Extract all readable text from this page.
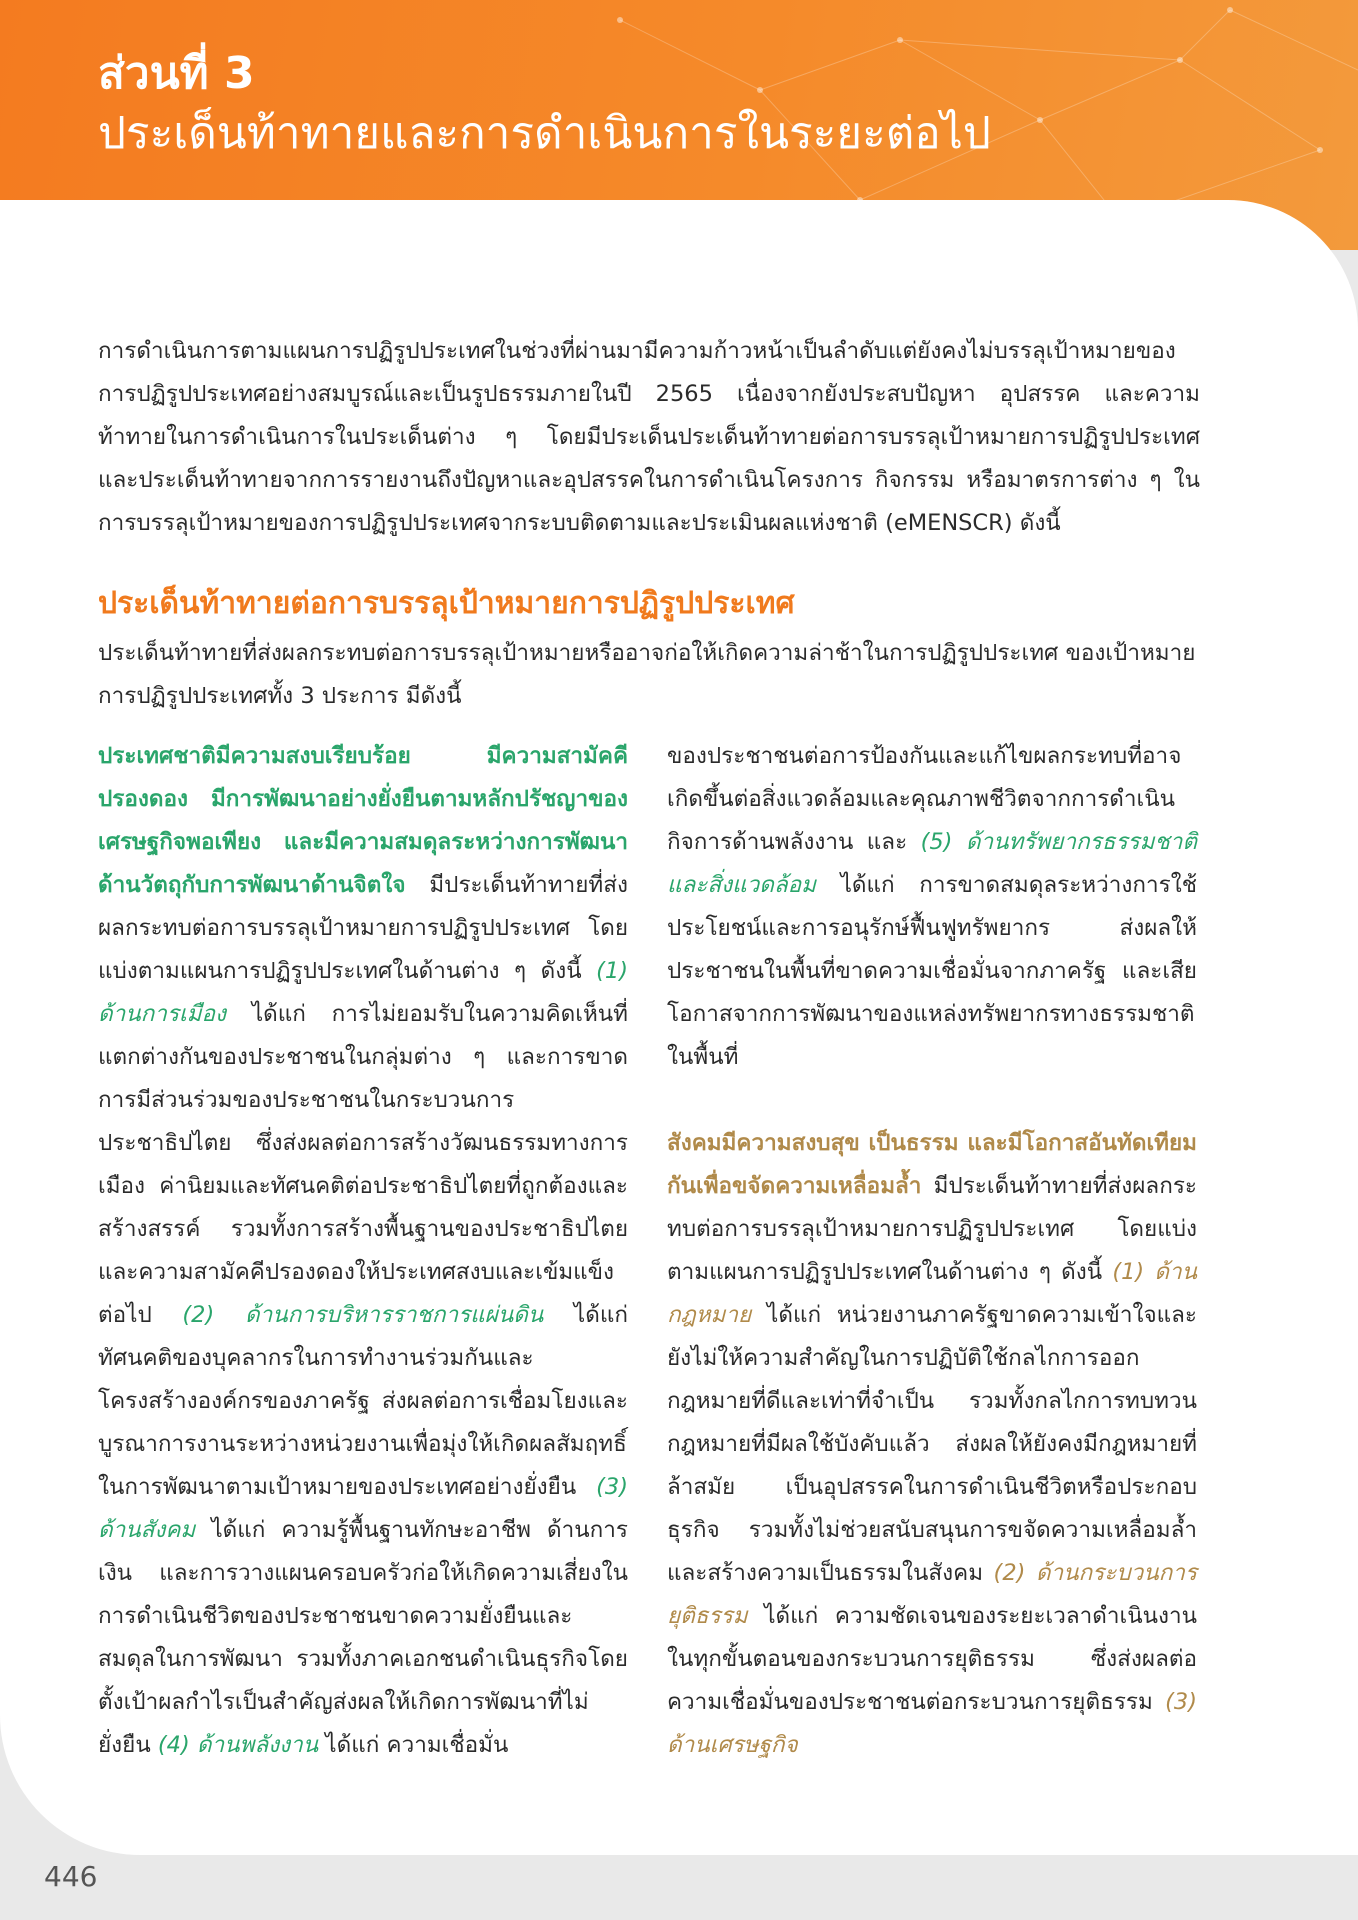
ส่วนที่ 3
ประเด็นท้าทายและการดำเนินการในระยะต่อไป
การดำเนินการตามแผนการปฏิรูปประเทศในช่วงที่ผ่านมามีความก้าวหน้าเป็นลำดับแต่ยังคงไม่บรรลุเป้าหมายของการปฏิรูปประเทศอย่างสมบูรณ์และเป็นรูปธรรมภายในปี 2565 เนื่องจากยังประสบปัญหา อุปสรรค และความท้าทายในการดำเนินการในประเด็นต่าง ๆ โดยมีประเด็นประเด็นท้าทายต่อการบรรลุเป้าหมายการปฏิรูปประเทศ และประเด็นท้าทายจากการรายงานถึงปัญหาและอุปสรรคในการดำเนินโครงการ กิจกรรม หรือมาตรการต่าง ๆ ในการบรรลุเป้าหมายของการปฏิรูปประเทศจากระบบติดตามและประเมินผลแห่งชาติ (eMENSCR) ดังนี้
ประเด็นท้าทายต่อการบรรลุเป้าหมายการปฏิรูปประเทศ
ประเด็นท้าทายที่ส่งผลกระทบต่อการบรรลุเป้าหมายหรืออาจก่อให้เกิดความล่าช้าในการปฏิรูปประเทศ ของเป้าหมายการปฏิรูปประเทศทั้ง 3 ประการ มีดังนี้

ประเทศชาติมีความสงบเรียบร้อย มีความสามัคคีปรองดอง มีการพัฒนาอย่างยั่งยืนตามหลักปรัชญาของเศรษฐกิจพอเพียง และมีความสมดุลระหว่างการพัฒนาด้านวัตถุกับการพัฒนาด้านจิตใจ มีประเด็นท้าทายที่ส่งผลกระทบต่อการบรรลุเป้าหมายการปฏิรูปประเทศ โดยแบ่งตามแผนการปฏิรูปประเทศในด้านต่าง ๆ ดังนี้ (1) ด้านการเมือง ได้แก่ การไม่ยอมรับในความคิดเห็นที่แตกต่างกันของประชาชนในกลุ่มต่าง ๆ และการขาดการมีส่วนร่วมของประชาชนในกระบวนการประชาธิปไตย ซึ่งส่งผลต่อการสร้างวัฒนธรรมทางการเมือง ค่านิยมและทัศนคติต่อประชาธิปไตยที่ถูกต้องและสร้างสรรค์ รวมทั้งการสร้างพื้นฐานของประชาธิปไตยและความสามัคคีปรองดองให้ประเทศสงบและเข้มแข็งต่อไป (2) ด้านการบริหารราชการแผ่นดิน ได้แก่ ทัศนคติของบุคลากรในการทำงานร่วมกันและโครงสร้างองค์กรของภาครัฐ ส่งผลต่อการเชื่อมโยงและบูรณาการงานระหว่างหน่วยงานเพื่อมุ่งให้เกิดผลสัมฤทธิ์ในการพัฒนาตามเป้าหมายของประเทศอย่างยั่งยืน (3) ด้านสังคม ได้แก่ ความรู้พื้นฐานทักษะอาชีพ ด้านการเงิน และการวางแผนครอบครัวก่อให้เกิดความเสี่ยงในการดำเนินชีวิตของประชาชนขาดความยั่งยืนและสมดุลในการพัฒนา รวมทั้งภาคเอกชนดำเนินธุรกิจโดยตั้งเป้าผลกำไรเป็นสำคัญส่งผลให้เกิดการพัฒนาที่ไม่ยั่งยืน (4) ด้านพลังงาน ได้แก่ ความเชื่อมั่น

ของประชาชนต่อการป้องกันและแก้ไขผลกระทบที่อาจเกิดขึ้นต่อสิ่งแวดล้อมและคุณภาพชีวิตจากการดำเนินกิจการด้านพลังงาน และ (5) ด้านทรัพยากรธรรมชาติและสิ่งแวดล้อม ได้แก่ การขาดสมดุลระหว่างการใช้ประโยชน์และการอนุรักษ์ฟื้นฟูทรัพยากร ส่งผลให้ประชาชนในพื้นที่ขาดความเชื่อมั่นจากภาครัฐ และเสียโอกาสจากการพัฒนาของแหล่งทรัพยากรทางธรรมชาติในพื้นที่

สังคมมีความสงบสุข เป็นธรรม และมีโอกาสอันทัดเทียมกันเพื่อขจัดความเหลื่อมล้ำ มีประเด็นท้าทายที่ส่งผลกระทบต่อการบรรลุเป้าหมายการปฏิรูปประเทศ โดยแบ่งตามแผนการปฏิรูปประเทศในด้านต่าง ๆ ดังนี้ (1) ด้านกฎหมาย ได้แก่ หน่วยงานภาครัฐขาดความเข้าใจและยังไม่ให้ความสำคัญในการปฏิบัติใช้กลไกการออกกฎหมายที่ดีและเท่าที่จำเป็น รวมทั้งกลไกการทบทวนกฎหมายที่มีผลใช้บังคับแล้ว ส่งผลให้ยังคงมีกฎหมายที่ล้าสมัย เป็นอุปสรรคในการดำเนินชีวิตหรือประกอบธุรกิจ รวมทั้งไม่ช่วยสนับสนุนการขจัดความเหลื่อมล้ำและสร้างความเป็นธรรมในสังคม (2) ด้านกระบวนการยุติธรรม ได้แก่ ความชัดเจนของระยะเวลาดำเนินงานในทุกขั้นตอนของกระบวนการยุติธรรม ซึ่งส่งผลต่อความเชื่อมั่นของประชาชนต่อกระบวนการยุติธรรม (3) ด้านเศรษฐกิจ

446
